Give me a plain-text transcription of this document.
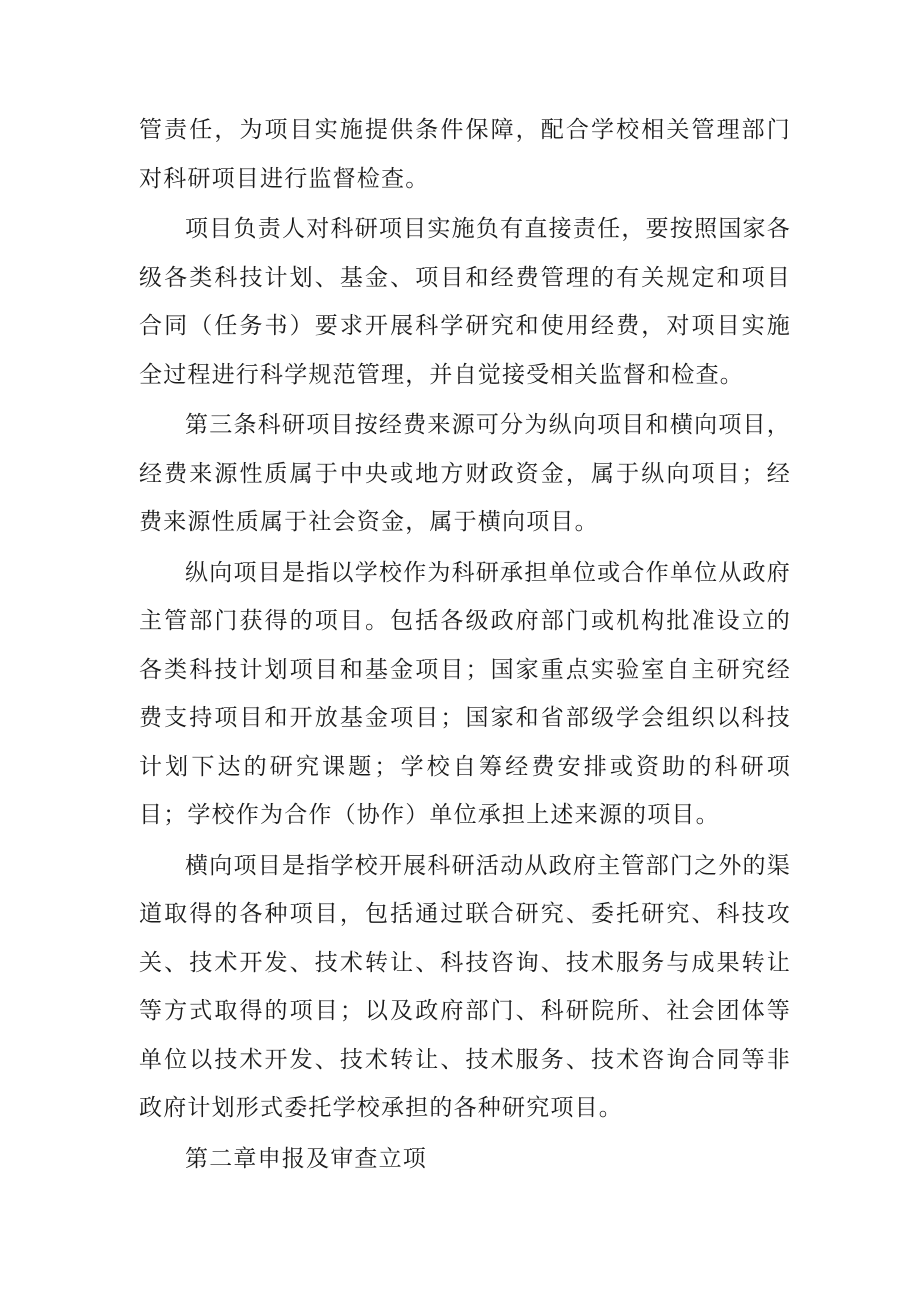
管责任，为项目实施提供条件保障，配合学校相关管理部门对科研项目进行监督检查。

项目负责人对科研项目实施负有直接责任，要按照国家各级各类科技计划、基金、项目和经费管理的有关规定和项目合同（任务书）要求开展科学研究和使用经费，对项目实施全过程进行科学规范管理，并自觉接受相关监督和检查。

第三条科研项目按经费来源可分为纵向项目和横向项目，经费来源性质属于中央或地方财政资金，属于纵向项目；经费来源性质属于社会资金，属于横向项目。

纵向项目是指以学校作为科研承担单位或合作单位从政府主管部门获得的项目。包括各级政府部门或机构批准设立的各类科技计划项目和基金项目；国家重点实验室自主研究经费支持项目和开放基金项目；国家和省部级学会组织以科技计划下达的研究课题；学校自筹经费安排或资助的科研项目；学校作为合作（协作）单位承担上述来源的项目。

横向项目是指学校开展科研活动从政府主管部门之外的渠道取得的各种项目，包括通过联合研究、委托研究、科技攻关、技术开发、技术转让、科技咨询、技术服务与成果转让等方式取得的项目；以及政府部门、科研院所、社会团体等单位以技术开发、技术转让、技术服务、技术咨询合同等非政府计划形式委托学校承担的各种研究项目。

第二章申报及审查立项
